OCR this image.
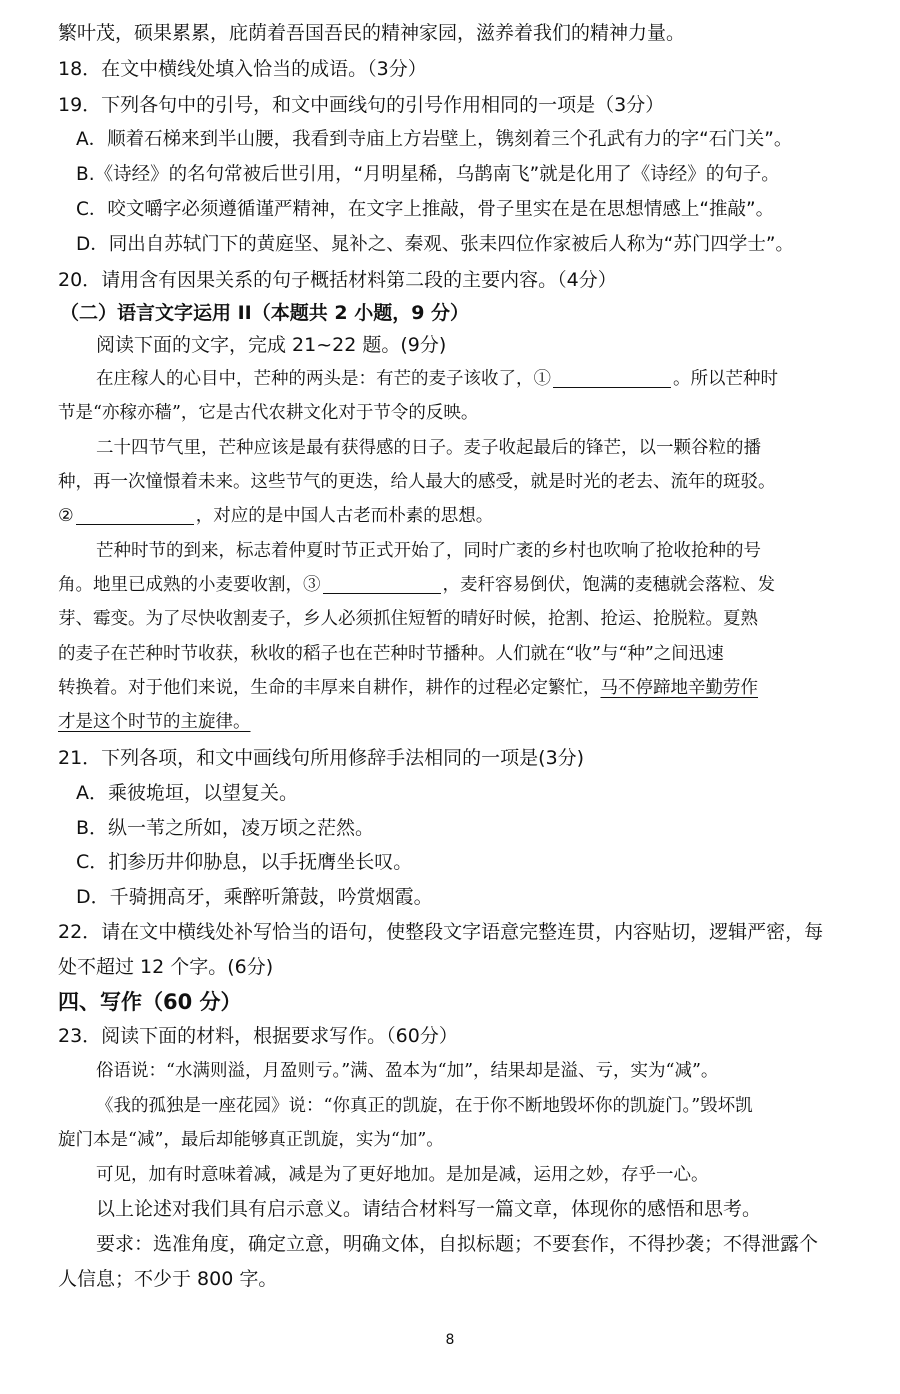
繁叶茂，硕果累累，庇荫着吾国吾民的精神家园，滋养着我们的精神力量。
18．在文中横线处填入恰当的成语。（3分）
19．下列各句中的引号，和文中画线句的引号作用相同的一项是（3分）
A．顺着石梯来到半山腰，我看到寺庙上方岩壁上，镌刻着三个孔武有力的字“石门关”。
B.《诗经》的名句常被后世引用，“月明星稀，乌鹊南飞”就是化用了《诗经》的句子。
C．咬文嚼字必须遵循谨严精神，在文字上推敲，骨子里实在是在思想情感上“推敲”。
D．同出自苏轼门下的黄庭坚、晁补之、秦观、张耒四位作家被后人称为“苏门四学士”。
20．请用含有因果关系的句子概括材料第二段的主要内容。（4分）
（二）语言文字运用 II（本题共 2 小题，9 分）
阅读下面的文字，完成 21~22 题。(9分)
在庄稼人的心目中，芒种的两头是：有芒的麦子该收了，①	。所以芒种时
节是“亦稼亦穑”，它是古代农耕文化对于节令的反映。
二十四节气里，芒种应该是最有获得感的日子。麦子收起最后的锋芒，以一颗谷粒的播
种，再一次憧憬着未来。这些节气的更迭，给人最大的感受，就是时光的老去、流年的斑驳。
②	，对应的是中国人古老而朴素的思想。
芒种时节的到来，标志着仲夏时节正式开始了，同时广袤的乡村也吹响了抢收抢种的号
角。地里已成熟的小麦要收割，③	，麦秆容易倒伏，饱满的麦穗就会落粒、发
芽、霉变。为了尽快收割麦子，乡人必须抓住短暂的晴好时候，抢割、抢运、抢脱粒。夏熟
的麦子在芒种时节收获，秋收的稻子也在芒种时节播种。人们就在“收”与“种”之间迅速
转换着。对于他们来说，生命的丰厚来自耕作，耕作的过程必定繁忙，马不停蹄地辛勤劳作
才是这个时节的主旋律。
21．下列各项，和文中画线句所用修辞手法相同的一项是(3分)
A．乘彼垝垣，以望复关。
B．纵一苇之所如，凌万顷之茫然。
C．扪参历井仰胁息，以手抚膺坐长叹。
D．千骑拥高牙，乘醉听箫鼓，吟赏烟霞。
22．请在文中横线处补写恰当的语句，使整段文字语意完整连贯，内容贴切，逻辑严密，每
处不超过 12 个字。(6分)
四、写作（60 分）
23．阅读下面的材料，根据要求写作。（60分）
俗语说：“水满则溢，月盈则亏。”满、盈本为“加”，结果却是溢、亏，实为“减”。
《我的孤独是一座花园》说：“你真正的凯旋，在于你不断地毁坏你的凯旋门。”毁坏凯
旋门本是“减”，最后却能够真正凯旋，实为“加”。
可见，加有时意味着减，减是为了更好地加。是加是减，运用之妙，存乎一心。
以上论述对我们具有启示意义。请结合材料写一篇文章，体现你的感悟和思考。
要求：选准角度，确定立意，明确文体，自拟标题；不要套作，不得抄袭；不得泄露个
人信息；不少于 800 字。
8
